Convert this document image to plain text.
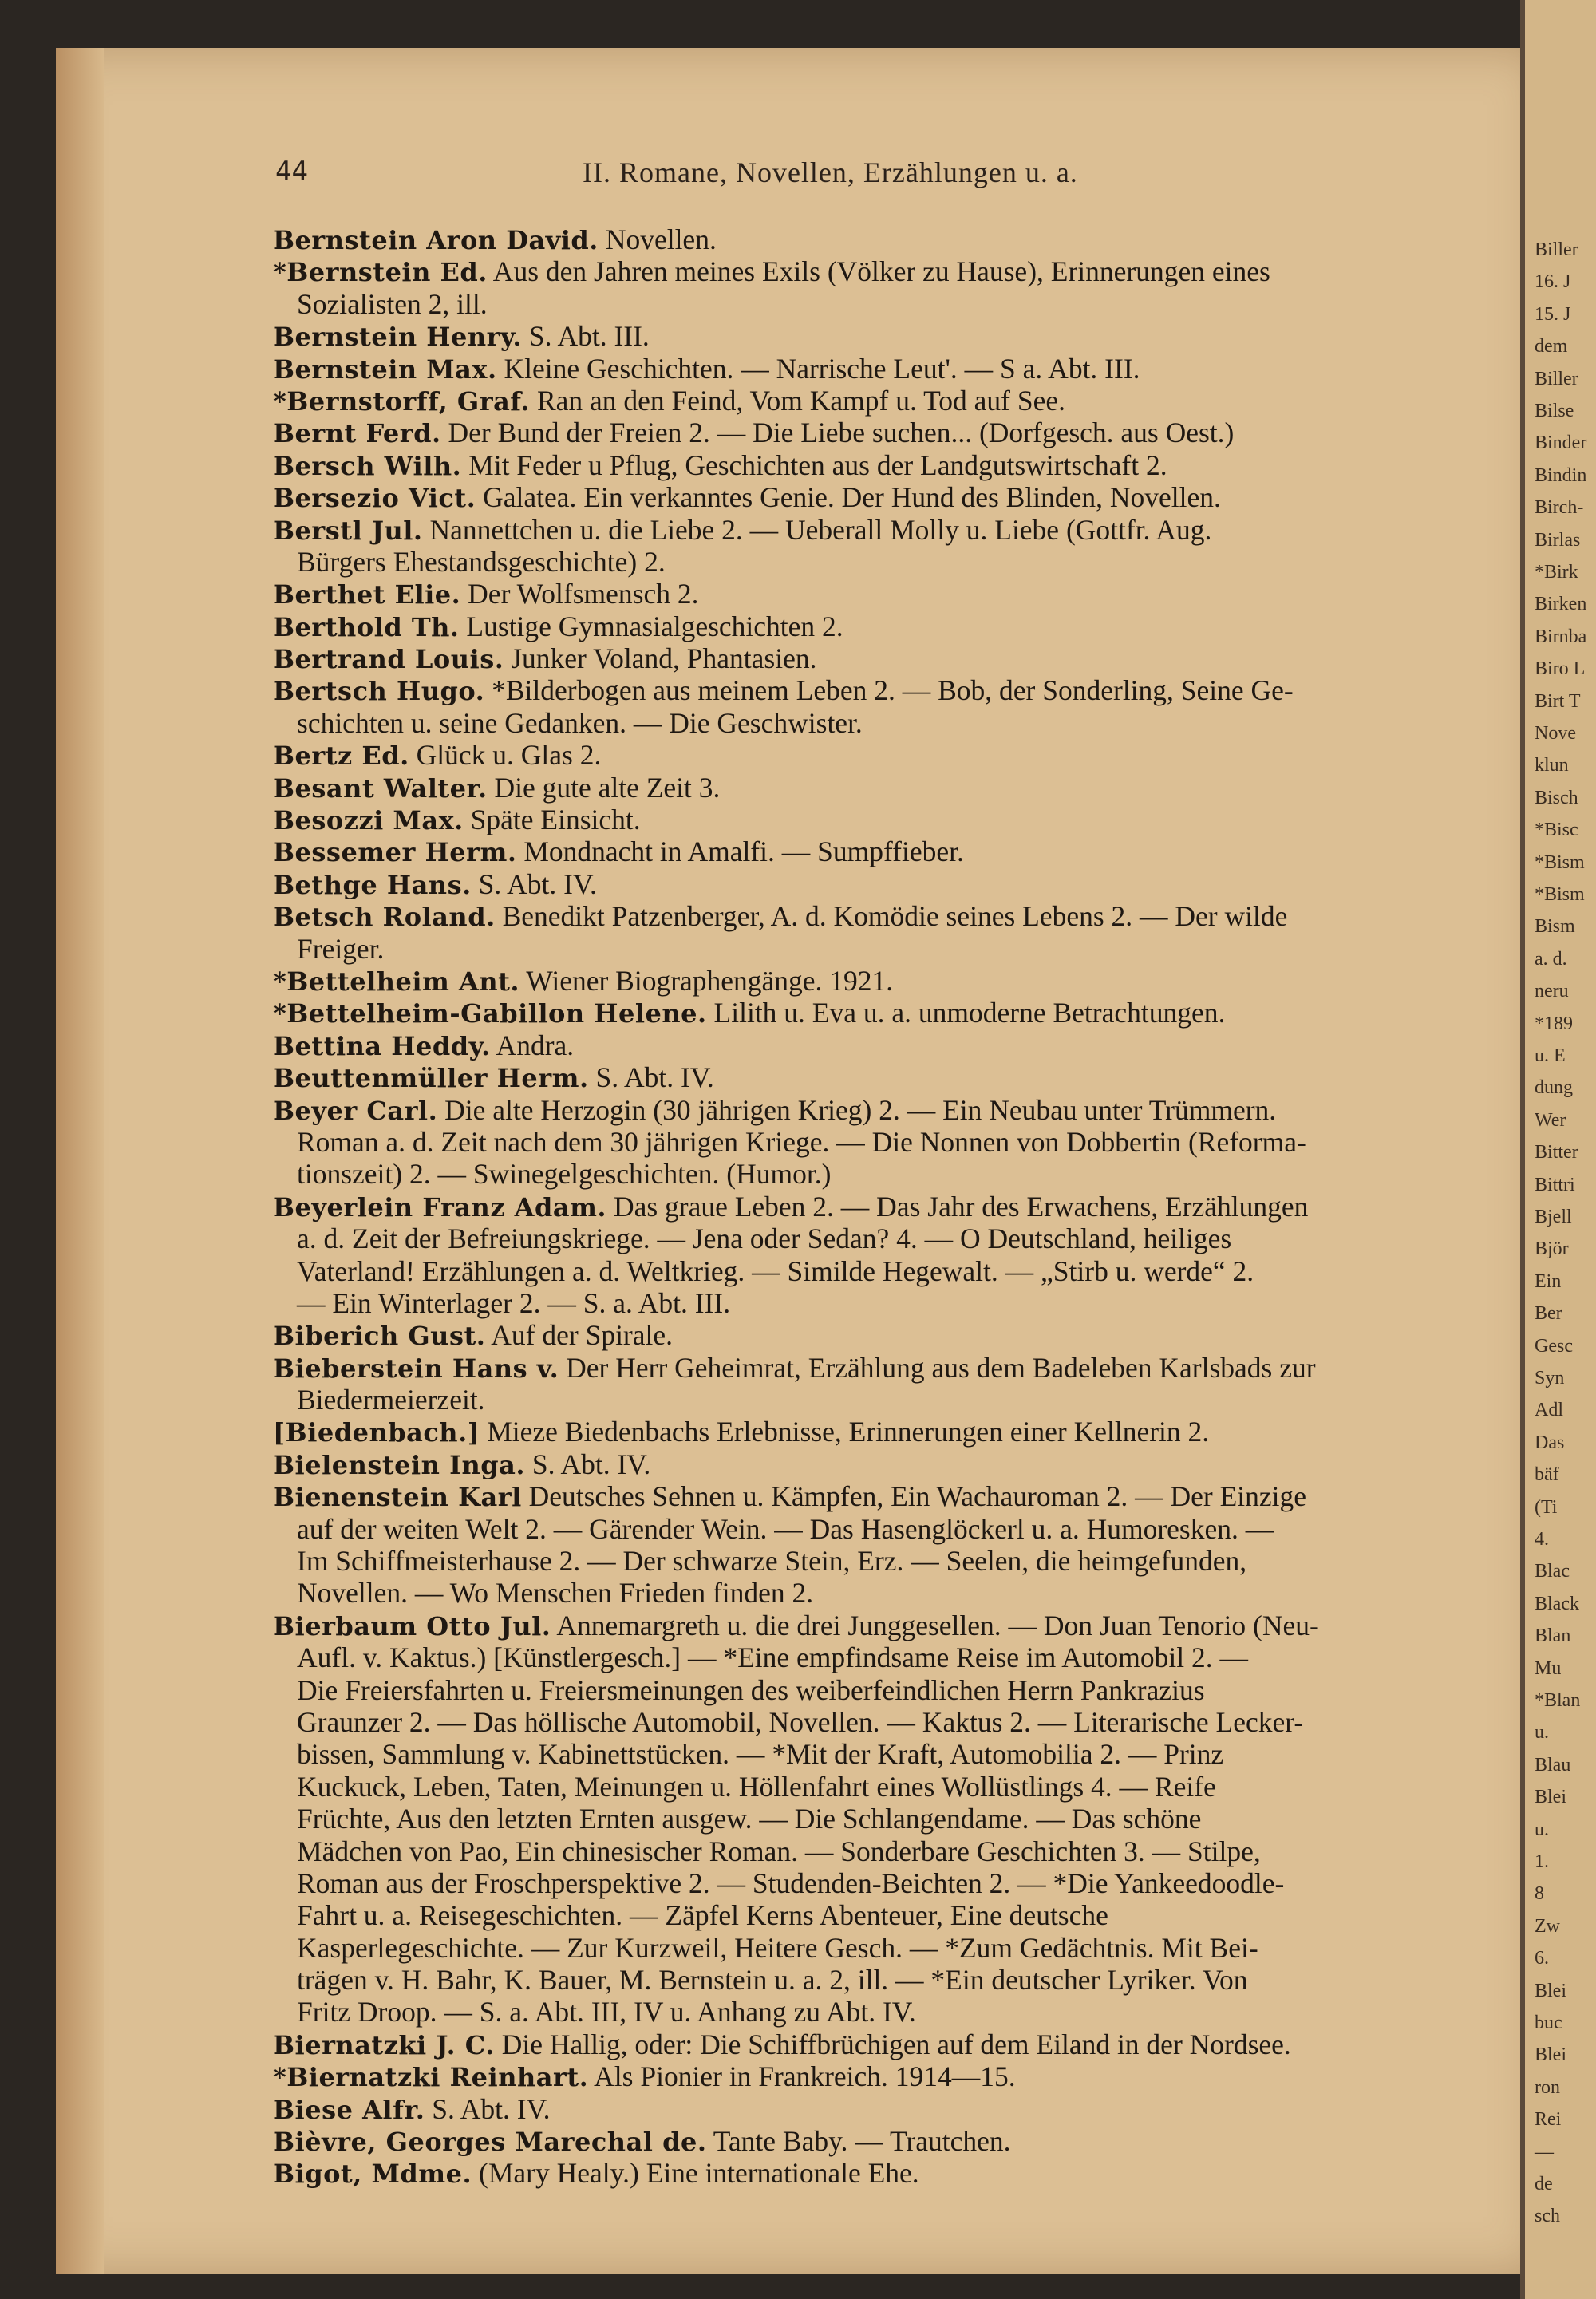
44	II. Romane, Novellen, Erzählungen u. a.
Bernstein Aron David. Novellen.
*Bernstein Ed. Aus den Jahren meines Exils (Völker zu Hause), Erinnerungen eines
Sozialisten 2, ill.
Bernstein Henry. S. Abt. III.
Bernstein Max. Kleine Geschichten. — Narrische Leut'. — S a. Abt. III.
*Bernstorff, Graf. Ran an den Feind, Vom Kampf u. Tod auf See.
Bernt Ferd. Der Bund der Freien 2. — Die Liebe suchen... (Dorfgesch. aus Oest.)
Bersch Wilh. Mit Feder u Pflug, Geschichten aus der Landgutswirtschaft 2.
Bersezio Vict. Galatea. Ein verkanntes Genie. Der Hund des Blinden, Novellen.
Berstl Jul. Nannettchen u. die Liebe 2. — Ueberall Molly u. Liebe (Gottfr. Aug.
Bürgers Ehestandsgeschichte) 2.
Berthet Elie. Der Wolfsmensch 2.
Berthold Th. Lustige Gymnasialgeschichten 2.
Bertrand Louis. Junker Voland, Phantasien.
Bertsch Hugo. *Bilderbogen aus meinem Leben 2. — Bob, der Sonderling, Seine Ge-
schichten u. seine Gedanken. — Die Geschwister.
Bertz Ed. Glück u. Glas 2.
Besant Walter. Die gute alte Zeit 3.
Besozzi Max. Späte Einsicht.
Bessemer Herm. Mondnacht in Amalfi. — Sumpffieber.
Bethge Hans. S. Abt. IV.
Betsch Roland. Benedikt Patzenberger, A. d. Komödie seines Lebens 2. — Der wilde
Freiger.
*Bettelheim Ant. Wiener Biographengänge. 1921.
*Bettelheim-Gabillon Helene. Lilith u. Eva u. a. unmoderne Betrachtungen.
Bettina Heddy. Andra.
Beuttenmüller Herm. S. Abt. IV.
Beyer Carl. Die alte Herzogin (30 jährigen Krieg) 2. — Ein Neubau unter Trümmern.
Roman a. d. Zeit nach dem 30 jährigen Kriege. — Die Nonnen von Dobbertin (Reforma-
tionszeit) 2. — Swinegelgeschichten. (Humor.)
Beyerlein Franz Adam. Das graue Leben 2. — Das Jahr des Erwachens, Erzählungen
a. d. Zeit der Befreiungskriege. — Jena oder Sedan? 4. — O Deutschland, heiliges
Vaterland! Erzählungen a. d. Weltkrieg. — Similde Hegewalt. — „Stirb u. werde“ 2.
— Ein Winterlager 2. — S. a. Abt. III.
Biberich Gust. Auf der Spirale.
Bieberstein Hans v. Der Herr Geheimrat, Erzählung aus dem Badeleben Karlsbads zur
Biedermeierzeit.
[Biedenbach.] Mieze Biedenbachs Erlebnisse, Erinnerungen einer Kellnerin 2.
Bielenstein Inga. S. Abt. IV.
Bienenstein Karl Deutsches Sehnen u. Kämpfen, Ein Wachauroman 2. — Der Einzige
auf der weiten Welt 2. — Gärender Wein. — Das Hasenglöckerl u. a. Humoresken. —
Im Schiffmeisterhause 2. — Der schwarze Stein, Erz. — Seelen, die heimgefunden,
Novellen. — Wo Menschen Frieden finden 2.
Bierbaum Otto Jul. Annemargreth u. die drei Junggesellen. — Don Juan Tenorio (Neu-
Aufl. v. Kaktus.) [Künstlergesch.] — *Eine empfindsame Reise im Automobil 2. —
Die Freiersfahrten u. Freiersmeinungen des weiberfeindlichen Herrn Pankrazius
Graunzer 2. — Das höllische Automobil, Novellen. — Kaktus 2. — Literarische Lecker-
bissen, Sammlung v. Kabinettstücken. — *Mit der Kraft, Automobilia 2. — Prinz
Kuckuck, Leben, Taten, Meinungen u. Höllenfahrt eines Wollüstlings 4. — Reife
Früchte, Aus den letzten Ernten ausgew. — Die Schlangendame. — Das schöne
Mädchen von Pao, Ein chinesischer Roman. — Sonderbare Geschichten 3. — Stilpe,
Roman aus der Froschperspektive 2. — Studenden-Beichten 2. — *Die Yankeedoodle-
Fahrt u. a. Reisegeschichten. — Zäpfel Kerns Abenteuer, Eine deutsche
Kasperlegeschichte. — Zur Kurzweil, Heitere Gesch. — *Zum Gedächtnis. Mit Bei-
trägen v. H. Bahr, K. Bauer, M. Bernstein u. a. 2, ill. — *Ein deutscher Lyriker. Von
Fritz Droop. — S. a. Abt. III, IV u. Anhang zu Abt. IV.
Biernatzki J. C. Die Hallig, oder: Die Schiffbrüchigen auf dem Eiland in der Nordsee.
*Biernatzki Reinhart. Als Pionier in Frankreich. 1914—15.
Biese Alfr. S. Abt. IV.
Bièvre, Georges Marechal de. Tante Baby. — Trautchen.
Bigot, Mdme. (Mary Healy.) Eine internationale Ehe.
Biller
16. J
15. J
dem
Biller
Bilse
Binder
Bindin
Birch-
Birlas
*Birk
Birken
Birnba
Biro L
Birt T
Nove
klun
Bisch
*Bisc
*Bism
*Bism
Bism
a. d.
neru
*189
u. E
dung
Wer
Bitter
Bittri
Bjell
Björ
Ein
Ber
Gesc
Syn
Adl
Das
bäf
(Ti
4.
Blac
Black
Blan
Mu
*Blan
u.
Blau
Blei
u.
1.
8
Zw
6.
Blei
buc
Blei
ron
Rei
—
de
sch
